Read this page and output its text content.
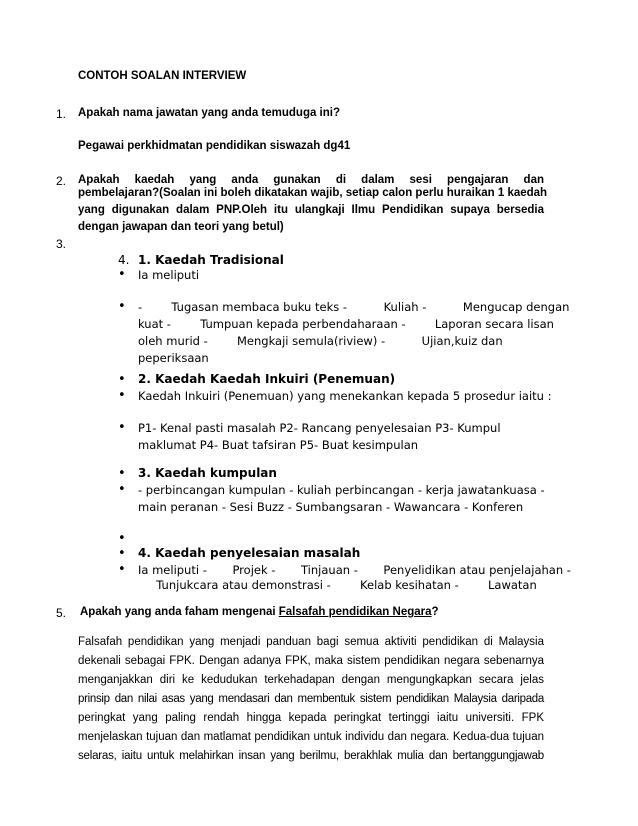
CONTOH SOALAN INTERVIEW
1. Apakah nama jawatan yang anda temuduga ini?
Pegawai perkhidmatan pendidikan siswazah dg41
2. Apakah kaedah yang anda gunakan di dalam sesi pengajaran dan
pembelajaran?(Soalan ini boleh dikatakan wajib, setiap calon perlu huraikan 1 kaedah
yang digunakan dalam PNP.Oleh itu ulangkaji Ilmu Pendidikan supaya bersedia
dengan jawapan dan teori yang betul)
3.
4. 1. Kaedah Tradisional
• Ia meliputi
• -        Tugasan membaca buku teks -          Kuliah -          Mengucap dengan
kuat -        Tumpuan kepada perbendaharaan -        Laporan secara lisan
oleh murid -        Mengkaji semula(riview) -          Ujian,kuiz dan
peperiksaan
• 2. Kaedah Kaedah Inkuiri (Penemuan)
• Kaedah Inkuiri (Penemuan) yang menekankan kepada 5 prosedur iaitu :
• P1- Kenal pasti masalah P2- Rancang penyelesaian P3- Kumpul
maklumat P4- Buat tafsiran P5- Buat kesimpulan
• 3. Kaedah kumpulan
• - perbincangan kumpulan - kuliah perbincangan - kerja jawatankuasa -
main peranan - Sesi Buzz - Sumbangsaran - Wawancara - Konferen
•
• 4. Kaedah penyelesaian masalah
• Ia meliputi -       Projek -       Tinjauan -       Penyelidikan atau penjelajahan -
Tunjukcara atau demonstrasi -        Kelab kesihatan -        Lawatan
5. Apakah yang anda faham mengenai Falsafah pendidikan Negara?
Falsafah pendidikan yang menjadi panduan bagi semua aktiviti pendidikan di Malaysia
dekenali sebagai FPK. Dengan adanya FPK, maka sistem pendidikan negara sebenarnya
menganjakkan diri ke kedudukan terkehadapan dengan mengungkapkan secara jelas
prinsip dan nilai asas yang mendasari dan membentuk sistem pendidikan Malaysia daripada
peringkat yang paling rendah hingga kepada peringkat tertinggi iaitu universiti. FPK
menjelaskan tujuan dan matlamat pendidikan untuk individu dan negara. Kedua-dua tujuan
selaras, iaitu untuk melahirkan insan yang berilmu, berakhlak mulia dan bertanggungjawab
